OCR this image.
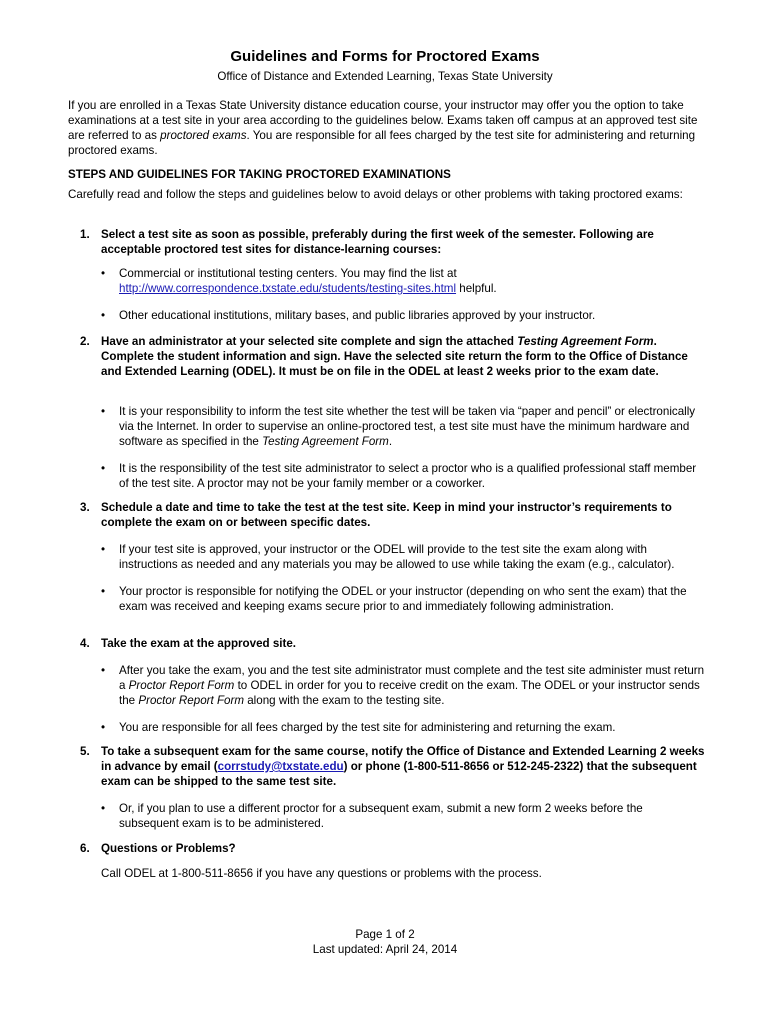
Guidelines and Forms for Proctored Exams
Office of Distance and Extended Learning, Texas State University
If you are enrolled in a Texas State University distance education course, your instructor may offer you the option to take examinations at a test site in your area according to the guidelines below. Exams taken off campus at an approved test site are referred to as proctored exams. You are responsible for all fees charged by the test site for administering and returning proctored exams.
STEPS AND GUIDELINES FOR TAKING PROCTORED EXAMINATIONS
Carefully read and follow the steps and guidelines below to avoid delays or other problems with taking proctored exams:
1. Select a test site as soon as possible, preferably during the first week of the semester. Following are acceptable proctored test sites for distance-learning courses:

• Commercial or institutional testing centers. You may find the list at
http://www.correspondence.txstate.edu/students/testing-sites.html helpful.

• Other educational institutions, military bases, and public libraries approved by your instructor.

2. Have an administrator at your selected site complete and sign the attached Testing Agreement Form. Complete the student information and sign. Have the selected site return the form to the Office of Distance and Extended Learning (ODEL). It must be on file in the ODEL at least 2 weeks prior to the exam date.

• It is your responsibility to inform the test site whether the test will be taken via “paper and pencil” or electronically via the Internet. In order to supervise an online-proctored test, a test site must have the minimum hardware and software as specified in the Testing Agreement Form.

• It is the responsibility of the test site administrator to select a proctor who is a qualified professional staff member of the test site. A proctor may not be your family member or a coworker.

3. Schedule a date and time to take the test at the test site. Keep in mind your instructor’s requirements to complete the exam on or between specific dates.

• If your test site is approved, your instructor or the ODEL will provide to the test site the exam along with instructions as needed and any materials you may be allowed to use while taking the exam (e.g., calculator).

• Your proctor is responsible for notifying the ODEL or your instructor (depending on who sent the exam) that the exam was received and keeping exams secure prior to and immediately following administration.

4. Take the exam at the approved site.

• After you take the exam, you and the test site administrator must complete and the test site administer must return a Proctor Report Form to ODEL in order for you to receive credit on the exam. The ODEL or your instructor sends the Proctor Report Form along with the exam to the testing site.

• You are responsible for all fees charged by the test site for administering and returning the exam.

5. To take a subsequent exam for the same course, notify the Office of Distance and Extended Learning 2 weeks in advance by email (corrstudy@txstate.edu) or phone (1-800-511-8656 or 512-245-2322) that the subsequent exam can be shipped to the same test site.

• Or, if you plan to use a different proctor for a subsequent exam, submit a new form 2 weeks before the subsequent exam is to be administered.

6. Questions or Problems?
Call ODEL at 1-800-511-8656 if you have any questions or problems with the process.
Page 1 of 2
Last updated: April 24, 2014
